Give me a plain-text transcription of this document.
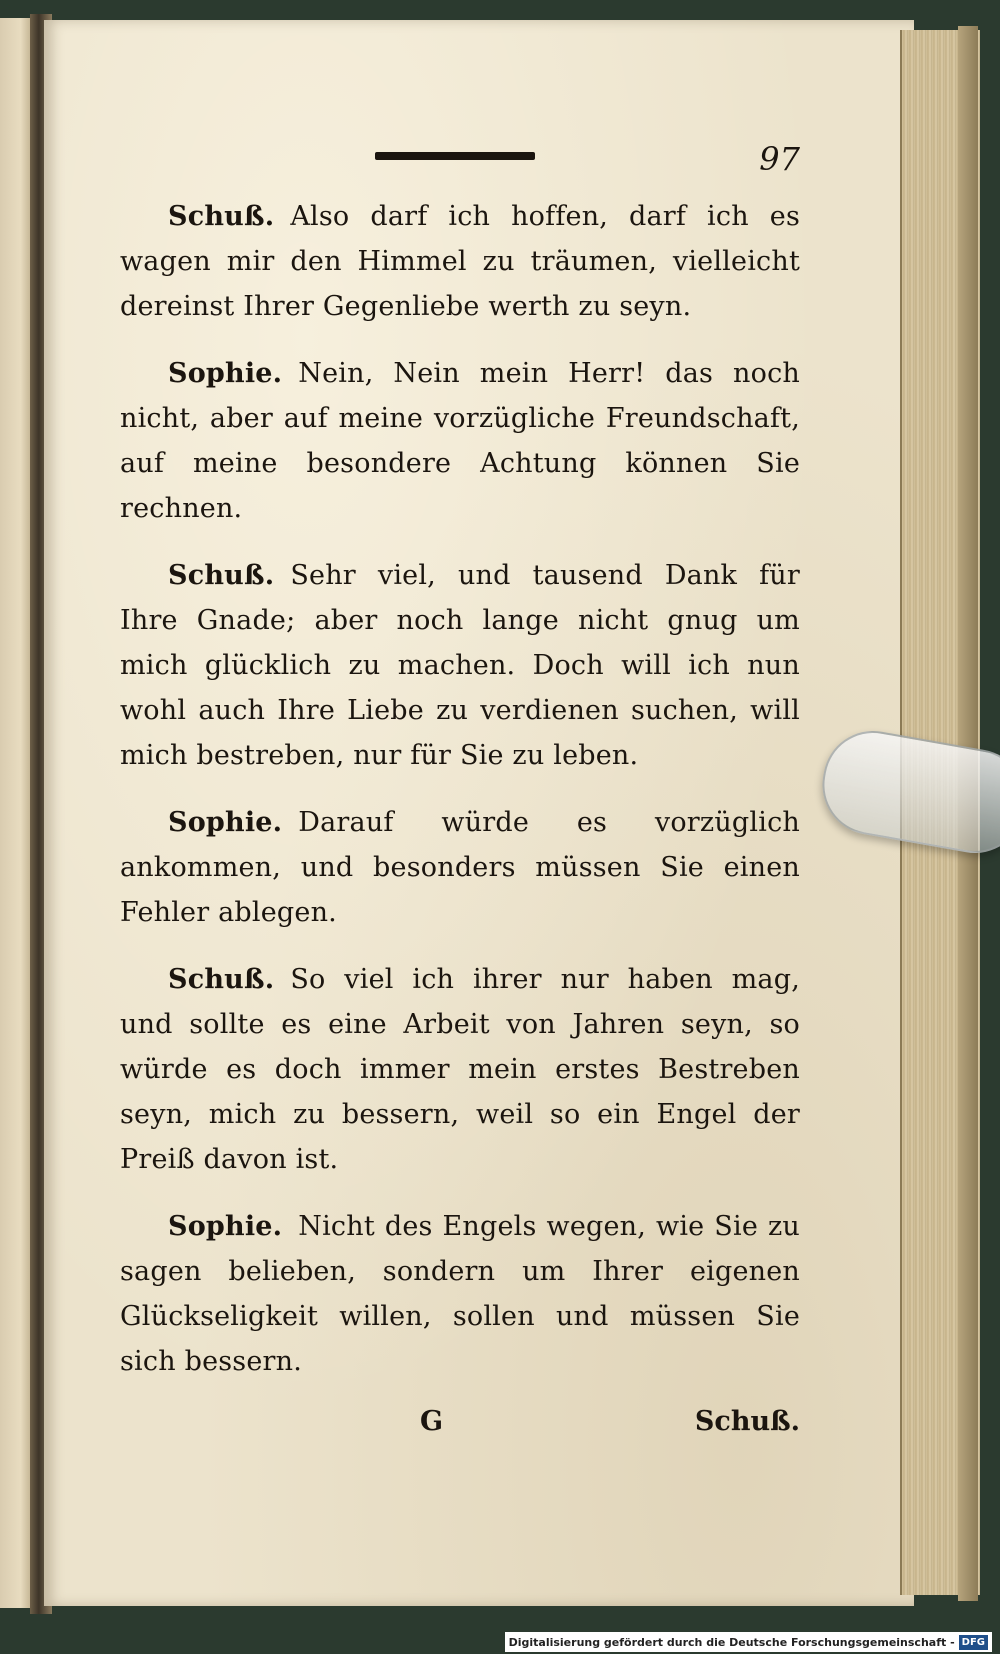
97

Schuß. Also darf ich hoffen, darf ich es wagen mir den Himmel zu träumen, vielleicht dereinst Ihrer Gegenliebe werth zu seyn.

Sophie. Nein, Nein mein Herr! das noch nicht, aber auf meine vorzügliche Freundschaft, auf meine besondere Achtung können Sie rechnen.

Schuß. Sehr viel, und tausend Dank für Ihre Gnade; aber noch lange nicht gnug um mich glücklich zu machen. Doch will ich nun wohl auch Ihre Liebe zu verdienen suchen, will mich bestreben, nur für Sie zu leben.

Sophie. Darauf würde es vorzüglich ankommen, und besonders müssen Sie einen Fehler ablegen.

Schuß. So viel ich ihrer nur haben mag, und sollte es eine Arbeit von Jahren seyn, so würde es doch immer mein erstes Bestreben seyn, mich zu bessern, weil so ein Engel der Preiß davon ist.

Sophie. Nicht des Engels wegen, wie Sie zu sagen belieben, sondern um Ihrer eigenen Glückseligkeit willen, sollen und müssen Sie sich bessern.

G	Schuß.
Digitalisierung gefördert durch die Deutsche Forschungsgemeinschaft - DFG
